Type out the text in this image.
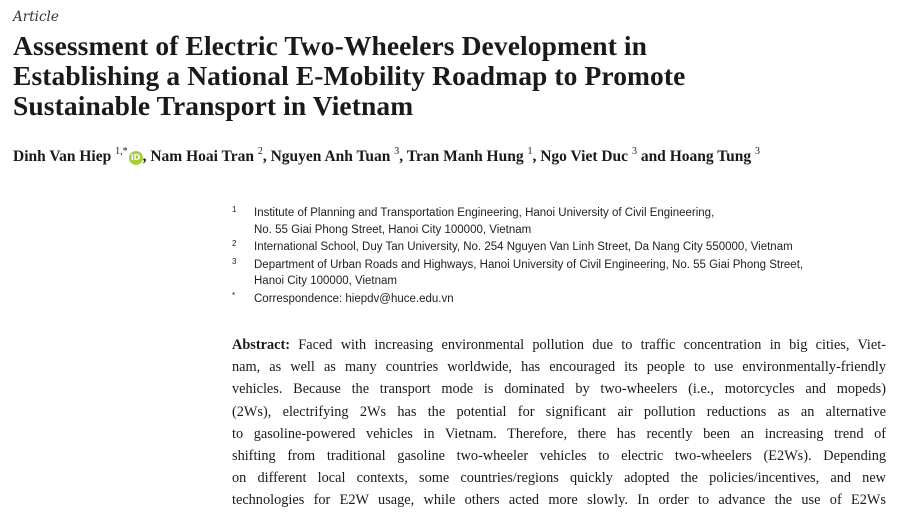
Article
Assessment of Electric Two-Wheelers Development in
Establishing a National E-Mobility Roadmap to Promote
Sustainable Transport in Vietnam
Dinh Van Hiep $^{1,*}$iD , Nam Hoai Tran $^2$, Nguyen Anh Tuan $^3$, Tran Manh Hung $^1$, Ngo Viet Duc $^3$ and Hoang Tung $^3$
1 Institute of Planning and Transportation Engineering, Hanoi University of Civil Engineering,
No. 55 Giai Phong Street, Hanoi City 100000, Vietnam
2 International School, Duy Tan University, No. 254 Nguyen Van Linh Street, Da Nang City 550000, Vietnam
3 Department of Urban Roads and Highways, Hanoi University of Civil Engineering, No. 55 Giai Phong Street,
Hanoi City 100000, Vietnam
* Correspondence: hiepdv@huce.edu.vn
Abstract: Faced with increasing environmental pollution due to traffic concentration in big cities, Viet-
nam, as well as many countries worldwide, has encouraged its people to use environmentally-friendly
vehicles. Because the transport mode is dominated by two-wheelers (i.e., motorcycles and mopeds)
(2Ws), electrifying 2Ws has the potential for significant air pollution reductions as an alternative
to gasoline-powered vehicles in Vietnam. Therefore, there has recently been an increasing trend of
shifting from traditional gasoline two-wheeler vehicles to electric two-wheelers (E2Ws). Depending
on different local contexts, some countries/regions quickly adopted the policies/incentives, and new
technologies for E2W usage, while others acted more slowly. In order to advance the use of E2Ws
